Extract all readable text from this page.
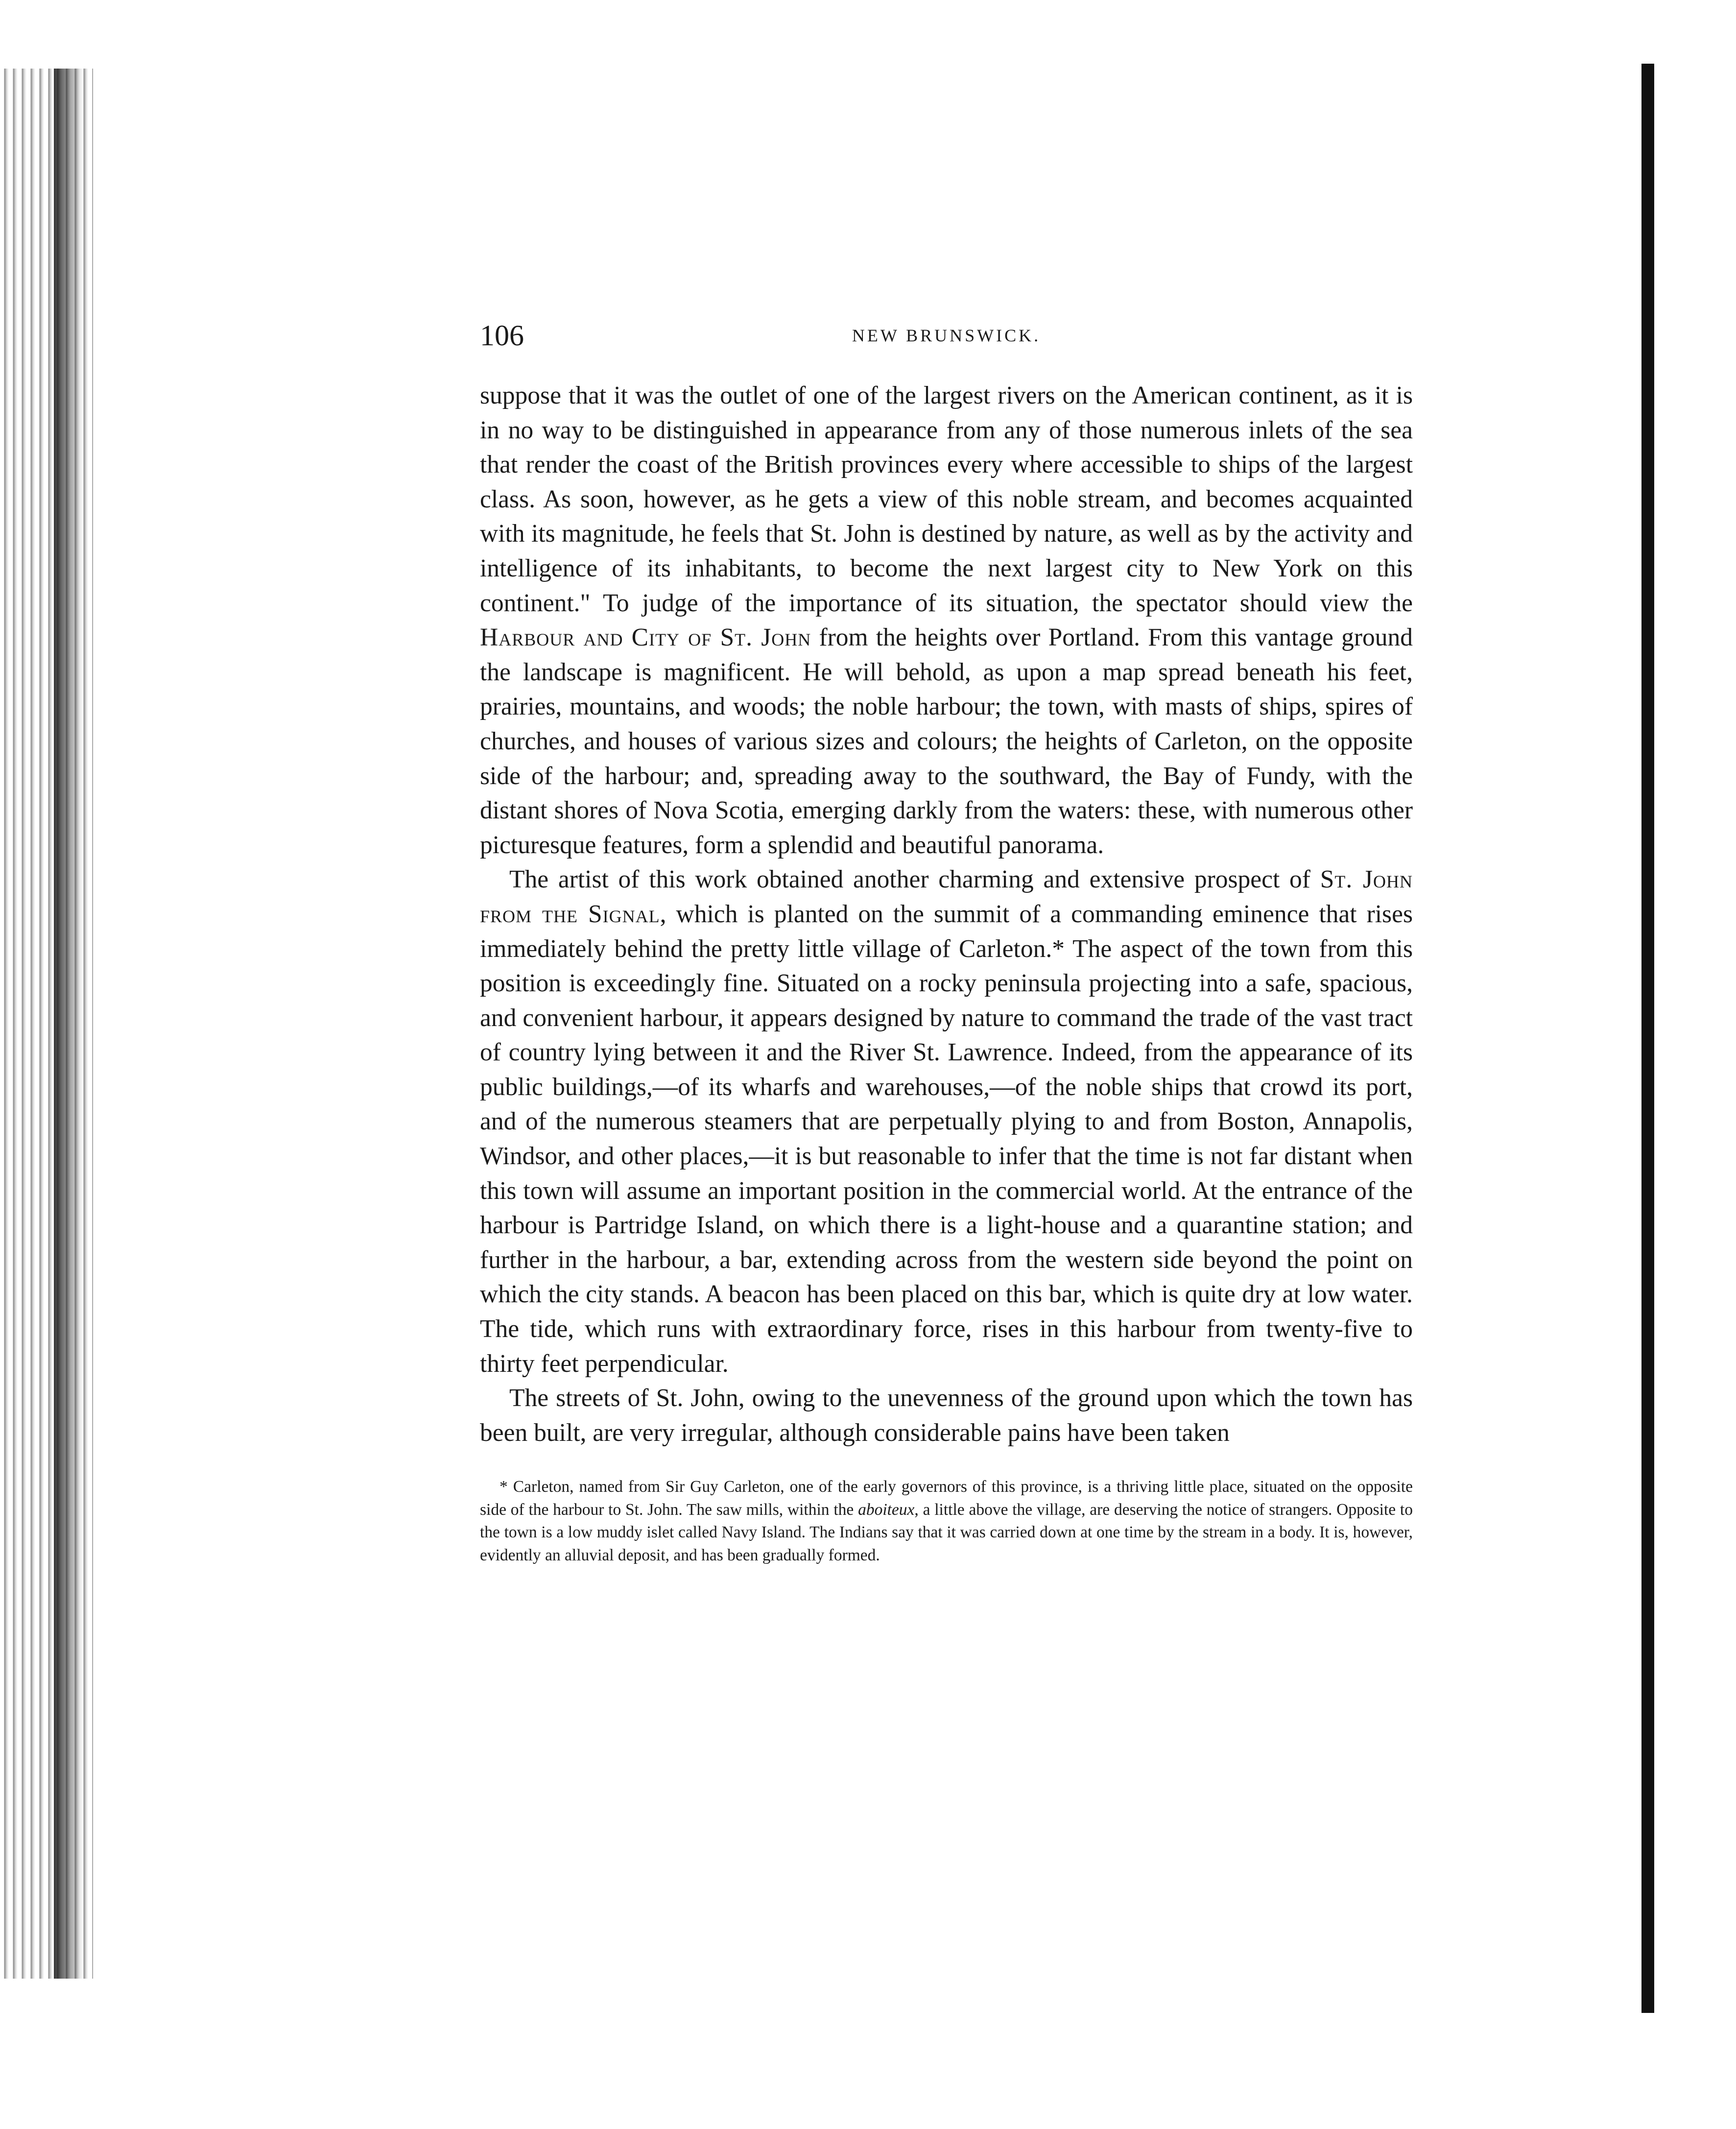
106	NEW BRUNSWICK.

suppose that it was the outlet of one of the largest rivers on the American continent, as it is in no way to be distinguished in appearance from any of those numerous inlets of the sea that render the coast of the British provinces every where accessible to ships of the largest class. As soon, however, as he gets a view of this noble stream, and becomes acquainted with its magnitude, he feels that St. John is destined by nature, as well as by the activity and intelligence of its inhabitants, to become the next largest city to New York on this continent." To judge of the importance of its situation, the spectator should view the Harbour and City of St. John from the heights over Portland. From this vantage ground the landscape is magnificent. He will behold, as upon a map spread beneath his feet, prairies, mountains, and woods; the noble harbour; the town, with masts of ships, spires of churches, and houses of various sizes and colours; the heights of Carleton, on the opposite side of the harbour; and, spreading away to the southward, the Bay of Fundy, with the distant shores of Nova Scotia, emerging darkly from the waters: these, with numerous other picturesque features, form a splendid and beautiful panorama.

The artist of this work obtained another charming and extensive prospect of St. John from the Signal, which is planted on the summit of a commanding eminence that rises immediately behind the pretty little village of Carleton.* The aspect of the town from this position is exceedingly fine. Situated on a rocky peninsula projecting into a safe, spacious, and convenient harbour, it appears designed by nature to command the trade of the vast tract of country lying between it and the River St. Lawrence. Indeed, from the appearance of its public buildings,—of its wharfs and warehouses,—of the noble ships that crowd its port, and of the numerous steamers that are perpetually plying to and from Boston, Annapolis, Windsor, and other places,—it is but reasonable to infer that the time is not far distant when this town will assume an important position in the commercial world. At the entrance of the harbour is Partridge Island, on which there is a light-house and a quarantine station; and further in the harbour, a bar, extending across from the western side beyond the point on which the city stands. A beacon has been placed on this bar, which is quite dry at low water. The tide, which runs with extraordinary force, rises in this harbour from twenty-five to thirty feet perpendicular.

The streets of St. John, owing to the unevenness of the ground upon which the town has been built, are very irregular, although considerable pains have been taken

* Carleton, named from Sir Guy Carleton, one of the early governors of this province, is a thriving little place, situated on the opposite side of the harbour to St. John. The saw mills, within the aboiteux, a little above the village, are deserving the notice of strangers. Opposite to the town is a low muddy islet called Navy Island. The Indians say that it was carried down at one time by the stream in a body. It is, however, evidently an alluvial deposit, and has been gradually formed.
